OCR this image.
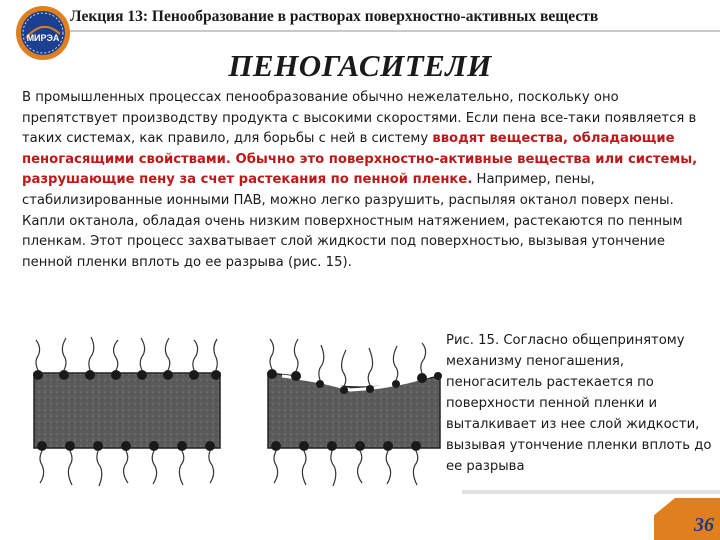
МИРЭА
Лекция 13: Пенообразование в растворах поверхностно-активных веществ
ПЕНОГАСИТЕЛИ
В промышленных процессах пенообразование обычно нежелательно, поскольку оно препятствует производству продукта с высокими скоростями. Если пена все-таки появляется в таких системах, как правило, для борьбы с ней в систему вводят вещества, обладающие пеногасящими свойствами. Обычно это поверхностно-активные вещества или системы, разрушающие пену за счет растекания по пенной пленке. Например, пены, стабилизированные ионными ПАВ, можно легко разрушить, распыляя октанол поверх пены. Капли октанола, обладая очень низким поверхностным натяжением, растекаются по пенным пленкам. Этот процесс захватывает слой жидкости под поверхностью, вызывая утончение пенной пленки вплоть до ее разрыва (рис. 15).
Рис. 15. Согласно общепринятому механизму пеногашения, пеногаситель растекается по поверхности пенной пленки и выталкивает из нее слой жидкости, вызывая утончение пленки вплоть до ее разрыва
36
